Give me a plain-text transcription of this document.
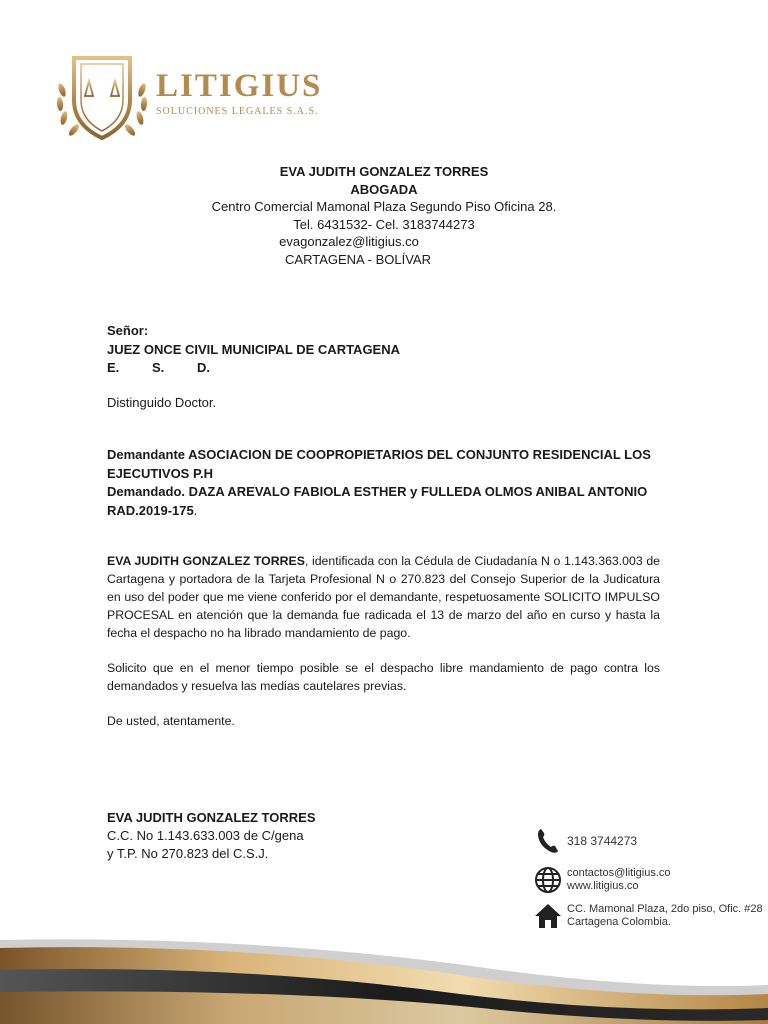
LITIGIUS
SOLUCIONES LEGALES S.A.S.
EVA JUDITH GONZALEZ TORRES
ABOGADA
Centro Comercial Mamonal Plaza Segundo Piso Oficina 28.
Tel. 6431532- Cel. 3183744273
evagonzalez@litigius.co
CARTAGENA - BOLÍVAR
Señor:
JUEZ ONCE CIVIL MUNICIPAL DE CARTAGENA
E.	S.	D.
Distinguido Doctor.
Demandante ASOCIACION DE COOPROPIETARIOS DEL CONJUNTO RESIDENCIAL LOS EJECUTIVOS P.H
Demandado. DAZA AREVALO FABIOLA ESTHER y FULLEDA OLMOS ANIBAL ANTONIO
RAD.2019-175.
EVA JUDITH GONZALEZ TORRES, identificada con la Cédula de Ciudadanía N o 1.143.363.003 de Cartagena y portadora de la Tarjeta Profesional N o 270.823 del Consejo Superior de la Judicatura en uso del poder que me viene conferido por el demandante, respetuosamente SOLICITO IMPULSO PROCESAL en atención que la demanda fue radicada el 13 de marzo del año en curso y hasta la fecha el despacho no ha librado mandamiento de pago.
Solicito que en el menor tiempo posible se el despacho libre mandamiento de pago contra los demandados y resuelva las medias cautelares previas.
De usted, atentamente.
EVA JUDITH GONZALEZ TORRES
C.C. No 1.143.633.003 de C/gena
y T.P. No 270.823 del C.S.J.
318 3744273
contactos@litigius.co
www.litigius.co
CC. Mamonal Plaza, 2do piso, Ofic. #28
Cartagena Colombia.
